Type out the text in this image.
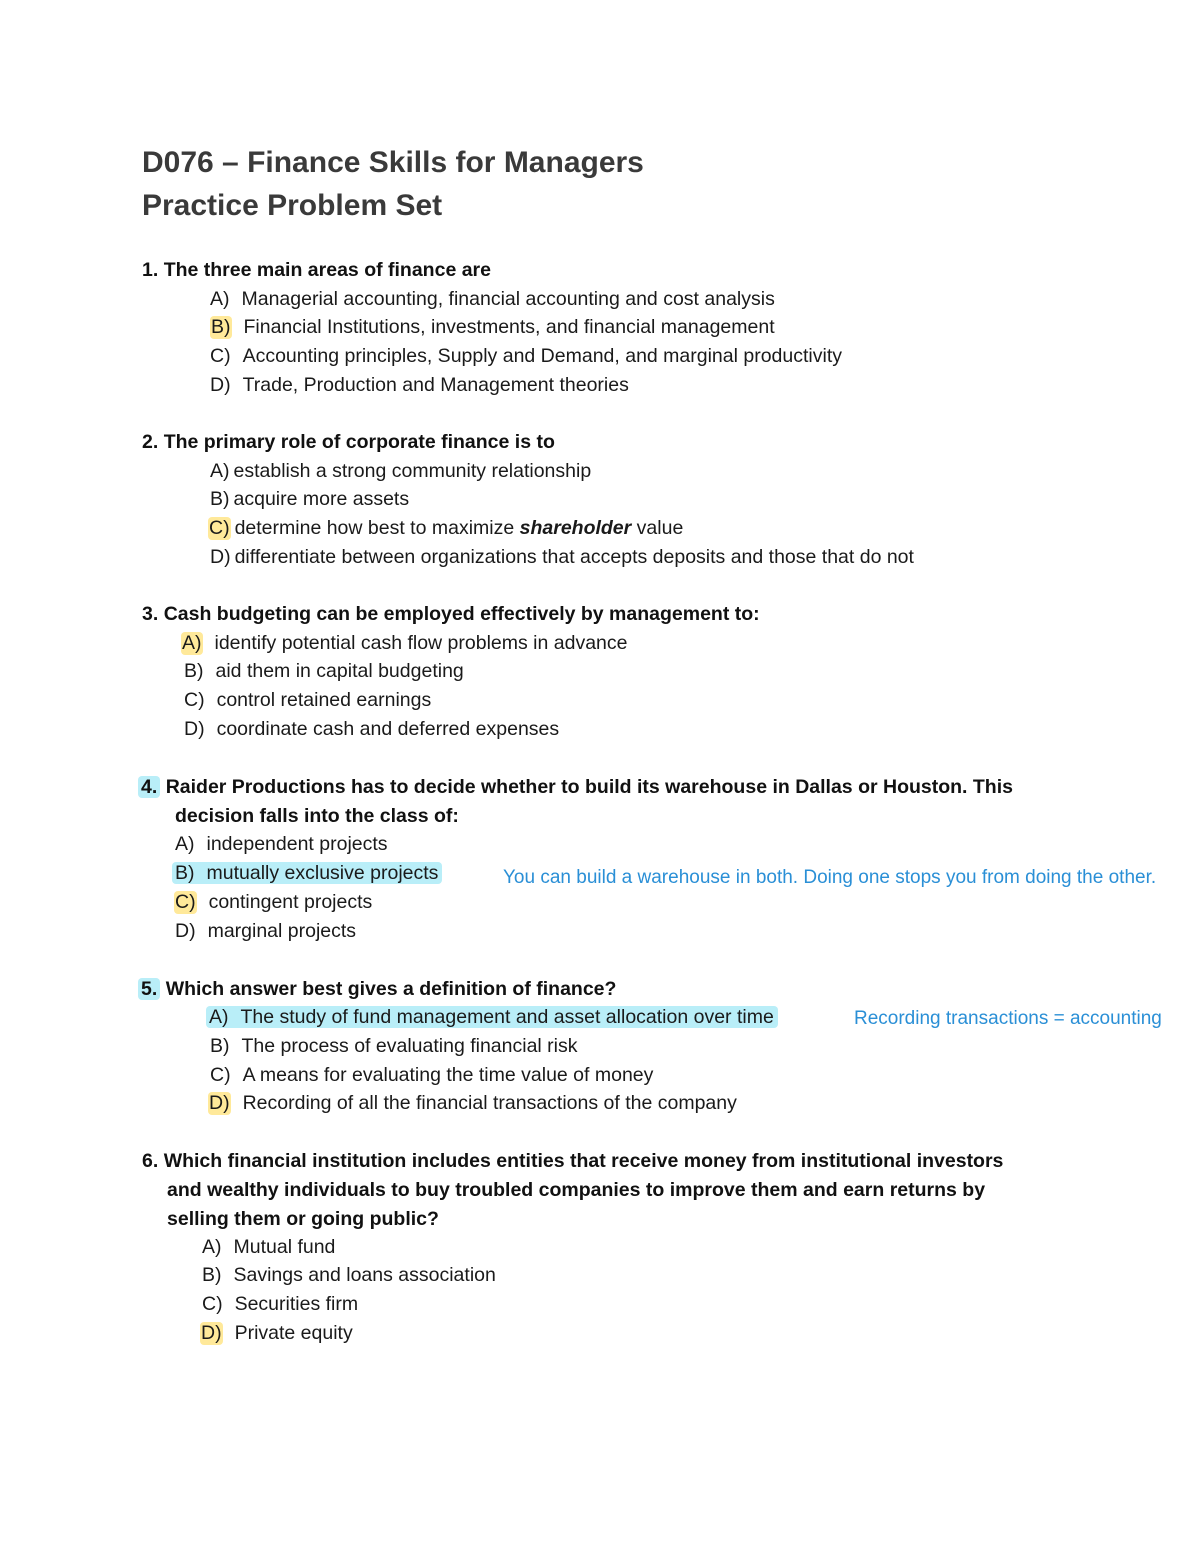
D076 – Finance Skills for Managers
Practice Problem Set
1. The three main areas of finance are
A) Managerial accounting, financial accounting and cost analysis
B) Financial Institutions, investments, and financial management
C) Accounting principles, Supply and Demand, and marginal productivity
D) Trade, Production and Management theories
2. The primary role of corporate finance is to
A) establish a strong community relationship
B) acquire more assets
C) determine how best to maximize shareholder value
D) differentiate between organizations that accepts deposits and those that do not
3. Cash budgeting can be employed effectively by management to:
A) identify potential cash flow problems in advance
B) aid them in capital budgeting
C) control retained earnings
D) coordinate cash and deferred expenses
4. Raider Productions has to decide whether to build its warehouse in Dallas or Houston. This
decision falls into the class of:
A) independent projects
B) mutually exclusive projects
C) contingent projects
D) marginal projects
You can build a warehouse in both. Doing one stops you from doing the other.
5. Which answer best gives a definition of finance?
A) The study of fund management and asset allocation over time
B) The process of evaluating financial risk
C) A means for evaluating the time value of money
D) Recording of all the financial transactions of the company
Recording transactions = accounting
6. Which financial institution includes entities that receive money from institutional investors
and wealthy individuals to buy troubled companies to improve them and earn returns by
selling them or going public?
A) Mutual fund
B) Savings and loans association
C) Securities firm
D) Private equity
